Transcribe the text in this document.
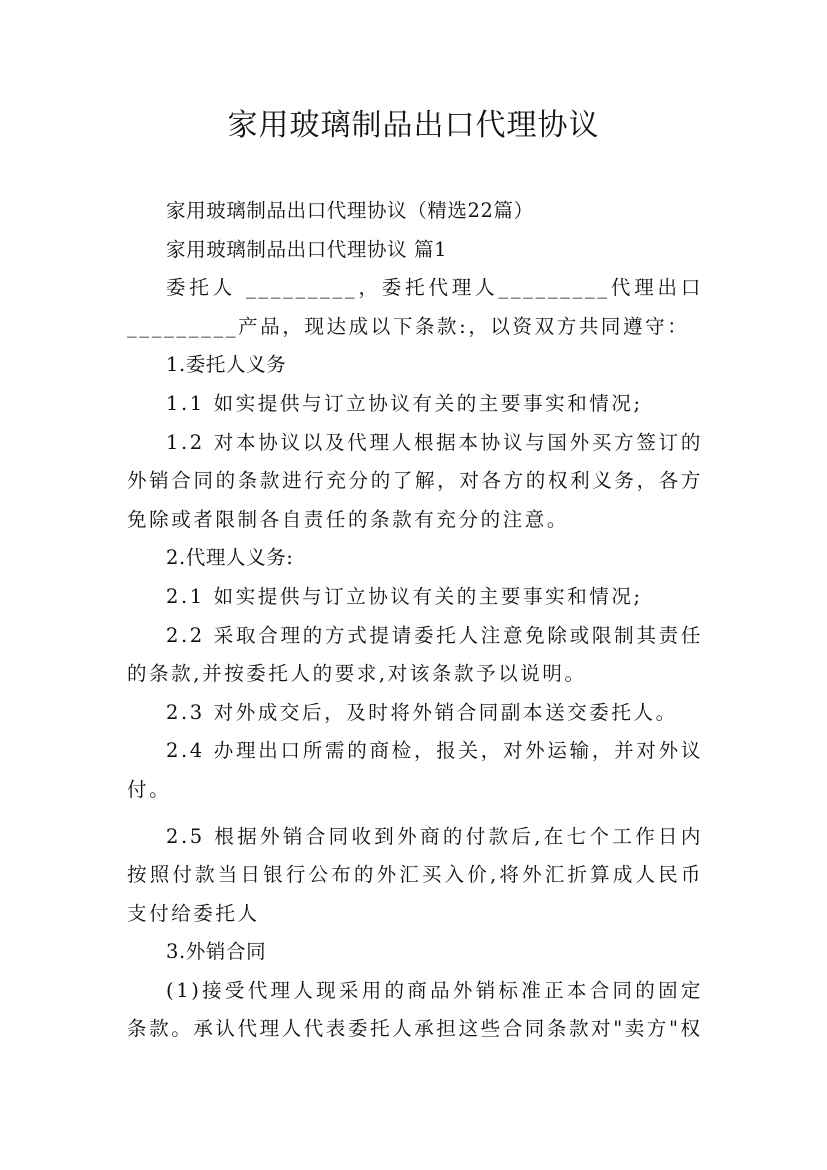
家用玻璃制品出口代理协议

家用玻璃制品出口代理协议（精选22篇）

家用玻璃制品出口代理协议 篇1

委托人 _________，委托代理人_________代理出口_________产品，现达成以下条款:，以资双方共同遵守：

1.委托人义务

1.1 如实提供与订立协议有关的主要事实和情况;

1.2 对本协议以及代理人根据本协议与国外买方签订的外销合同的条款进行充分的了解，对各方的权利义务，各方免除或者限制各自责任的条款有充分的注意。

2.代理人义务:

2.1 如实提供与订立协议有关的主要事实和情况;

2.2 采取合理的方式提请委托人注意免除或限制其责任的条款,并按委托人的要求,对该条款予以说明。

2.3 对外成交后，及时将外销合同副本送交委托人。

2.4 办理出口所需的商检，报关，对外运输，并对外议付。

2.5 根据外销合同收到外商的付款后,在七个工作日内按照付款当日银行公布的外汇买入价,将外汇折算成人民币支付给委托人

3.外销合同

(1)接受代理人现采用的商品外销标准正本合同的固定条款。承认代理人代表委托人承担这些合同条款对"卖方"权
